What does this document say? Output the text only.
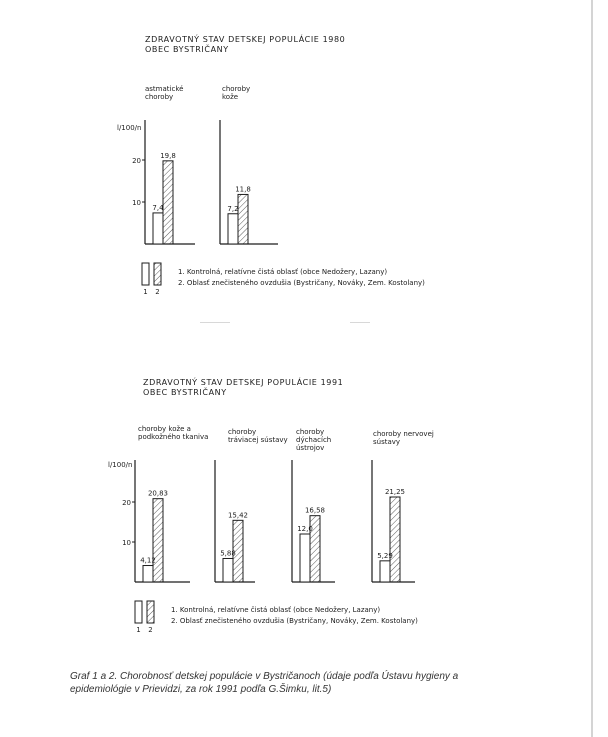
ZDRAVOTNÝ STAV DETSKEJ POPULÁCIE 1980
OBEC BYSTRIČANY
astmatické choroby
choroby kože
1. Kontrolná, relatívne čistá oblasť (obce Nedožery, Lazany)
2. Oblasť znečisteného ovzdušia (Bystričany, Nováky, Zem. Kostolany)
ZDRAVOTNÝ STAV DETSKEJ POPULÁCIE 1991
OBEC BYSTRIČANY
choroby kože a podkožného tkaniva
choroby tráviacej sústavy
choroby dýchacích ústrojov
choroby nervovej sústavy
1. Kontrolná, relatívne čistá oblasť (obce Nedožery, Lazany)
2. Oblasť znečisteného ovzdušia (Bystričany, Nováky, Zem. Kostolany)
Graf 1 a 2. Chorobnosť detskej populácie v Bystričanoch (údaje podľa Ústavu hygieny a epidemiológie v Prievidzi, za rok 1991 podľa G.Šimku, lit.5)
l/100/n
10
20
7,4
19,8
7,2
11,8
1 2
l/100/n
10
20
4,12
20,83
5,88
15,42
12,0
16,58
5,29
21,25
1 2
